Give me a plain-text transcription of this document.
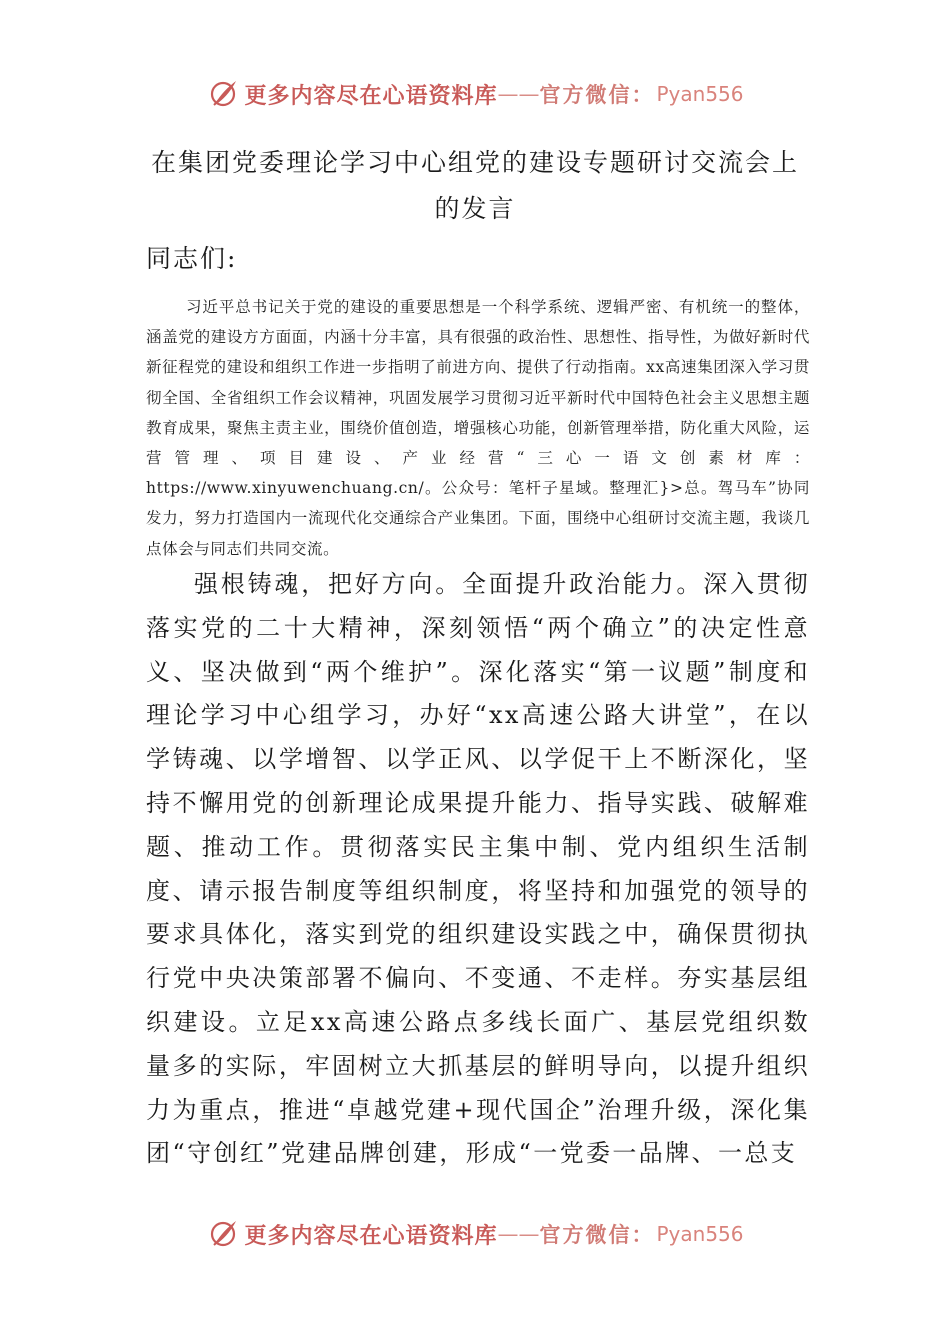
更多内容尽在心语资料库 —— 官方微信： Pyan556
在集团党委理论学习中心组党的建设专题研讨交流会上的发言
同志们:

习近平总书记关于党的建设的重要思想是一个科学系统、逻辑严密、有机统一的整体，涵盖党的建设方方面面，内涵十分丰富，具有很强的政治性、思想性、指导性，为做好新时代新征程党的建设和组织工作进一步指明了前进方向、提供了行动指南。xx高速集团深入学习贯彻全国、全省组织工作会议精神，巩固发展学习贯彻习近平新时代中国特色社会主义思想主题教育成果，聚焦主责主业，围绕价值创造，增强核心功能，创新管理举措，防化重大风险，运营管理、项目建设、产业经营“三心一语文创素材库：https://www.xinyuwenchuang.cn/。公众号：笔杆子星域。整理汇}>总。驾马车”协同发力，努力打造国内一流现代化交通综合产业集团。下面，围绕中心组研讨交流主题，我谈几点体会与同志们共同交流。

强根铸魂，把好方向。全面提升政治能力。深入贯彻落实党的二十大精神，深刻领悟“两个确立”的决定性意义、坚决做到“两个维护”。深化落实“第一议题”制度和理论学习中心组学习，办好“xx高速公路大讲堂”，在以学铸魂、以学增智、以学正风、以学促干上不断深化，坚持不懈用党的创新理论成果提升能力、指导实践、破解难题、推动工作。贯彻落实民主集中制、党内组织生活制度、请示报告制度等组织制度，将坚持和加强党的领导的要求具体化，落实到党的组织建设实践之中，确保贯彻执行党中央决策部署不偏向、不变通、不走样。夯实基层组织建设。立足xx高速公路点多线长面广、基层党组织数量多的实际，牢固树立大抓基层的鲜明导向，以提升组织力为重点，推进“卓越党建+现代国企”治理升级，深化集团“守创红”党建品牌创建，形成“一党委一品牌、一总支

更多内容尽在心语资料库 —— 官方微信： Pyan556
